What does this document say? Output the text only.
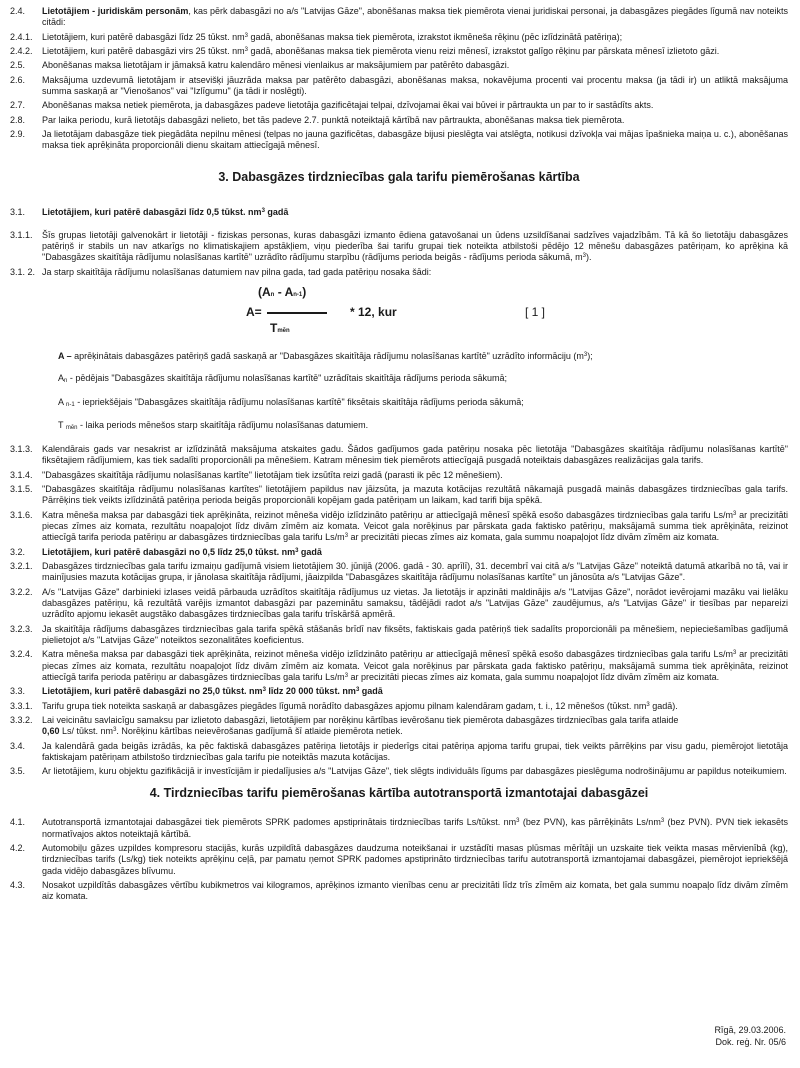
2.4.	Lietotājiem - juridiskām personām, kas pērk dabasgāzi no a/s "Latvijas Gāze", abonēšanas maksa tiek piemērota vienai juridiskai personai, ja dabasgāzes piegādes līgumā nav noteikts citādi:
2.4.1.	Lietotājiem, kuri patērē dabasgāzi līdz 25 tūkst. $nm^3$ gadā, abonēšanas maksa tiek piemērota, izrakstot ikmēneša rēķinu (pēc izlīdzinātā patēriņa);
2.4.2.	Lietotājiem, kuri patērē dabasgāzi virs 25 tūkst. $nm^3$ gadā, abonēšanas maksa tiek piemērota vienu reizi mēnesī, izrakstot galīgo rēķinu par pārskata mēnesī izlietoto gāzi.
2.5.	Abonēšanas maksa lietotājam ir jāmaksā katru kalendāro mēnesi vienlaikus ar maksājumiem par patērēto dabasgāzi.
2.6.	Maksājuma uzdevumā lietotājam ir atsevišķi jāuzrāda maksa par patērēto dabasgāzi, abonēšanas maksa, nokavējuma procenti vai procentu maksa (ja tādi ir) un atliktā maksājuma summa saskaņā ar "Vienošanos" vai "Izlīgumu" (ja tādi ir noslēgti).
2.7.	Abonēšanas maksa netiek piemērota, ja dabasgāzes padeve lietotāja gazificētajai telpai, dzīvojamai ēkai vai būvei ir pārtraukta un par to ir sastādīts akts.
2.8.	Par laika periodu, kurā lietotājs dabasgāzi nelieto, bet tās padeve 2.7. punktā noteiktajā kārtībā nav pārtraukta, abonēšanas maksa tiek piemērota.
2.9.	Ja lietotājam dabasgāze tiek piegādāta nepilnu mēnesi (telpas no jauna gazificētas, dabasgāze bijusi pieslēgta vai atslēgta, notikusi dzīvokļa vai mājas īpašnieka maiņa u. c.), abonēšanas maksa tiek aprēķināta proporcionāli dienu skaitam attiecīgajā mēnesī.
3. Dabasgāzes tirdzniecības gala tarifu piemērošanas kārtība
3.1.	Lietotājiem, kuri patērē dabasgāzi līdz 0,5 tūkst. $nm^3$ gadā
3.1.1.	Šīs grupas lietotāji galvenokārt ir lietotāji - fiziskas personas, kuras dabasgāzi izmanto ēdiena gatavošanai un ūdens uzsildīšanai sadzīves vajadzībām. Tā kā šo lietotāju dabasgāzes patēriņš ir stabils un nav atkarīgs no klimatiskajiem apstākļiem, viņu piederība šai tarifu grupai tiek noteikta atbilstoši pēdējo 12 mēnešu dabasgāzes patēriņam, ko aprēķina kā "Dabasgāzes skaitītāja rādījumu nolasīšanas kartītē" uzrādīto rādījumu starpību (rādījums perioda beigās - rādījums perioda sākumā, $m^3$).
3.1. 2. Ja starp skaitītāja rādījumu nolasīšanas datumiem nav pilna gada, tad gada patēriņu nosaka šādi:
A=
(An - An-1)
Tmēn
* 12, kur	[ 1 ]
A – aprēķinātais dabasgāzes patēriņš gadā saskaņā ar "Dabasgāzes skaitītāja rādījumu nolasīšanas kartītē" uzrādīto informāciju $(m^3)$;
An - pēdējais "Dabasgāzes skaitītāja rādījumu nolasīšanas kartītē" uzrādītais skaitītāja rādījums perioda sākumā;
A n-1 - iepriekšējais "Dabasgāzes skaitītāja rādījumu nolasīšanas kartītē" fiksētais skaitītāja rādījums perioda sākumā;
T mēn - laika periods mēnešos starp skaitītāja rādījumu nolasīšanas datumiem.
3.1.3.	Kalendārais gads var nesakrist ar izlīdzinātā maksājuma atskaites gadu. Šādos gadījumos gada patēriņu nosaka pēc lietotāja "Dabasgāzes skaitītāja rādījumu nolasīšanas kartītē" fiksētajiem rādījumiem, kas tiek sadalīti proporcionāli pa mēnešiem. Katram mēnesim tiek piemērots attiecīgajā pusgadā noteiktais dabasgāzes realizācijas gala tarifs.
3.1.4.	"Dabasgāzes skaitītāja rādījumu nolasīšanas kartīte" lietotājam tiek izsūtīta reizi gadā (parasti ik pēc 12 mēnešiem).
3.1.5.	"Dabasgāzes skaitītāja rādījumu nolasīšanas kartītes" lietotājiem papildus nav jāizsūta, ja mazuta kotācijas rezultātā nākamajā pusgadā mainās dabasgāzes tirdzniecības gala tarifs. Pārrēķins tiek veikts izlīdzinātā patēriņa perioda beigās proporcionāli kopējam gada patēriņam un laikam, kad tarifi bija spēkā.
3.1.6.	Katra mēneša maksa par dabasgāzi tiek aprēķināta, reizinot mēneša vidējo izlīdzināto patēriņu ar attiecīgajā mēnesī spēkā esošo dabasgāzes tirdzniecības gala tarifu $Ls/m^3$ ar precizitāti piecas zīmes aiz komata, rezultātu noapaļojot līdz divām zīmēm aiz komata. Veicot gala norēķinus par pārskata gada faktisko patēriņu, maksājamā summa tiek aprēķināta, reizinot attiecīgā tarifa perioda patēriņu ar dabasgāzes tirdzniecības gala tarifu $Ls/m^3$ ar precizitāti piecas zīmes aiz komata, gala summu noapaļojot līdz divām zīmēm aiz komata.
3.2.	Lietotājiem, kuri patērē dabasgāzi no 0,5 līdz 25,0 tūkst. $nm^3$ gadā
3.2.1.	Dabasgāzes tirdzniecības gala tarifu izmaiņu gadījumā visiem lietotājiem 30. jūnijā (2006. gadā - 30. aprīlī), 31. decembrī vai citā a/s "Latvijas Gāze" noteiktā datumā atkarībā no tā, vai ir mainījusies mazuta kotācijas grupa, ir jānolasa skaitītāja rādījumi, jāaizpilda "Dabasgāzes skaitītāja rādījumu nolasīšanas kartīte" un jānosūta a/s "Latvijas Gāze".
3.2.2.	A/s "Latvijas Gāze" darbinieki izlases veidā pārbauda uzrādītos skaitītāja rādījumus uz vietas. Ja lietotājs ir apzināti maldinājis a/s "Latvijas Gāze", norādot ievērojami mazāku vai lielāku dabasgāzes patēriņu, kā rezultātā varējis izmantot dabasgāzi par pazeminātu samaksu, tādējādi radot a/s "Latvijas Gāze" zaudējumus, a/s "Latvijas Gāze" ir tiesības par nepareizi uzrādīto apjomu iekasēt augstāko dabasgāzes tirdzniecības gala tarifu trīskāršā apmērā.
3.2.3.	Ja skaitītāja rādījums dabasgāzes tirdzniecības gala tarifa spēkā stāšanās brīdī nav fiksēts, faktiskais gada patēriņš tiek sadalīts proporcionāli pa mēnešiem, nepieciešamības gadījumā pielietojot a/s "Latvijas Gāze" noteiktos sezonalitātes koeficientus.
3.2.4.	Katra mēneša maksa par dabasgāzi tiek aprēķināta, reizinot mēneša vidējo izlīdzināto patēriņu ar attiecīgajā mēnesī spēkā esošo dabasgāzes tirdzniecības gala tarifu $Ls/m^3$ ar precizitāti piecas zīmes aiz komata, rezultātu noapaļojot līdz divām zīmēm aiz komata. Veicot gala norēķinus par pārskata gada faktisko patēriņu, maksājamā summa tiek aprēķināta, reizinot attiecīgā tarifa perioda patēriņu ar dabasgāzes tirdzniecības gala tarifu $Ls/m^3$ ar precizitāti piecas zīmes aiz komata, gala summu noapaļojot līdz divām zīmēm aiz komata.
3.3.	Lietotājiem, kuri patērē dabasgāzi no 25,0 tūkst. $nm^3$ līdz 20 000 tūkst. $nm^3$ gadā
3.3.1.	Tarifu grupa tiek noteikta saskaņā ar dabasgāzes piegādes līgumā norādīto dabasgāzes apjomu pilnam kalendāram gadam, t. i., 12 mēnešos (tūkst. $nm^3$ gadā).
3.3.2.	Lai veicinātu savlaicīgu samaksu par izlietoto dabasgāzi, lietotājiem par norēķinu kārtības ievērošanu tiek piemērota dabasgāzes tirdzniecības gala tarifa atlaide
0,60 Ls/ tūkst. $nm^3$. Norēķinu kārtības neievērošanas gadījumā šī atlaide piemērota netiek.
3.4.	Ja kalendārā gada beigās izrādās, ka pēc faktiskā dabasgāzes patēriņa lietotājs ir piederīgs citai patēriņa apjoma tarifu grupai, tiek veikts pārrēķins par visu gadu, piemērojot lietotāja faktiskajam patēriņam atbilstošo tirdzniecības gala tarifu pie noteiktās mazuta kotācijas.
3.5.	Ar lietotājiem, kuru objektu gazifikācijā ir investīcijām ir piedalījusies a/s "Latvijas Gāze", tiek slēgts individuāls līgums par dabasgāzes pieslēguma nodrošinājumu ar papildus noteikumiem.
4. Tirdzniecības tarifu piemērošanas kārtība autotransportā izmantotajai dabasgāzei
4.1.	Autotransportā izmantotajai dabasgāzei tiek piemērots SPRK padomes apstiprinātais tirdzniecības tarifs Ls/tūkst. $nm^3$ (bez PVN), kas pārrēķināts $Ls/nm^3$ (bez PVN). PVN tiek iekasēts normatīvajos aktos noteiktajā kārtībā.
4.2.	Automobiļu gāzes uzpildes kompresoru stacijās, kurās uzpildītā dabasgāzes daudzuma noteikšanai ir uzstādīti masas plūsmas mērītāji un uzskaite tiek veikta masas mērvienībā (kg), tirdzniecības tarifs (Ls/kg) tiek noteikts aprēķinu ceļā, par pamatu ņemot SPRK padomes apstiprināto tirdzniecības tarifu autotransportā izmantojamai dabasgāzei, piemērojot iepriekšējā gada vidējo dabasgāzes blīvumu.
4.3.	Nosakot uzpildītās dabasgāzes vērtību kubikmetros vai kilogramos, aprēķinos izmanto vienības cenu ar precizitāti līdz trīs zīmēm aiz komata, bet gala summu noapaļo līdz divām zīmēm aiz komata.
Rīgā, 29.03.2006.
Dok. reģ. Nr. 05/6
